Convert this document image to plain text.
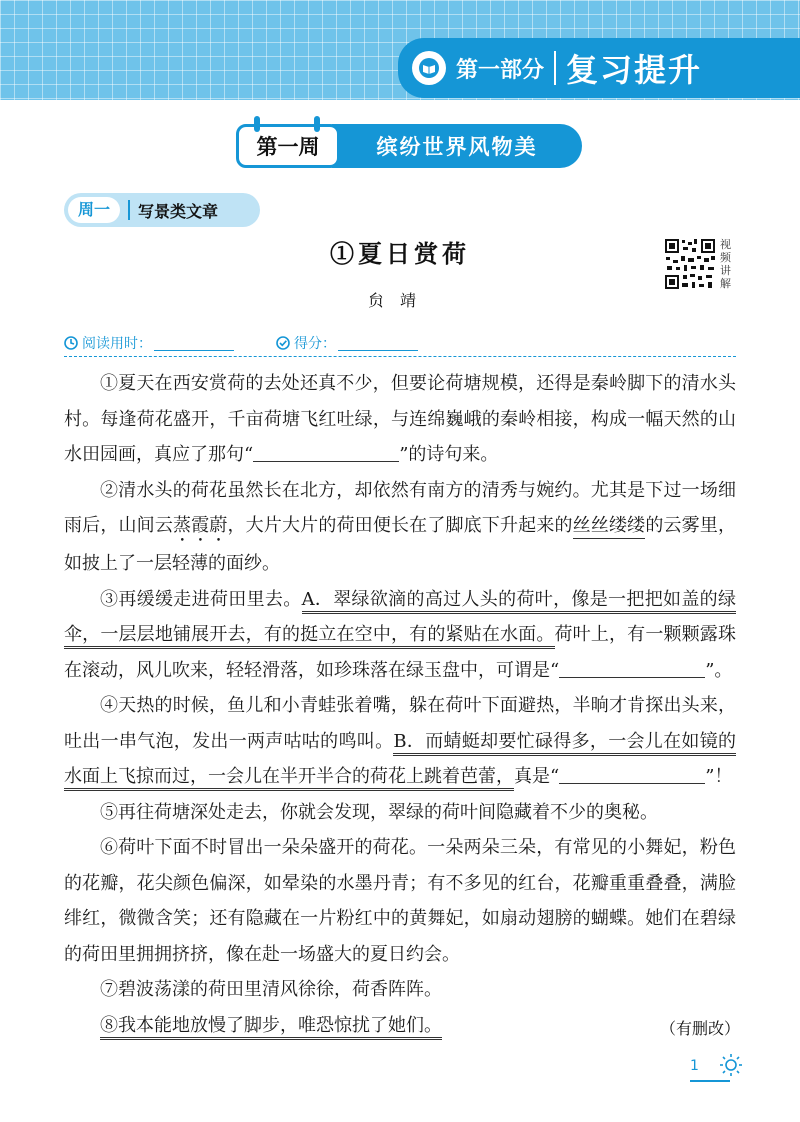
第一部分 复习提升
第一周	缤纷世界风物美
周一	写景类文章
①夏日赏荷
贠靖
视频讲解
阅读用时：	得分：

①夏天在西安赏荷的去处还真不少，但要论荷塘规模，还得是秦岭脚下的清水头村。每逢荷花盛开，千亩荷塘飞红吐绿，与连绵巍峨的秦岭相接，构成一幅天然的山水田园画，真应了那句“	”的诗句来。

②清水头的荷花虽然长在北方，却依然有南方的清秀与婉约。尤其是下过一场细雨后，山间云蒸霞蔚，大片大片的荷田便长在了脚底下升起来的丝丝缕缕的云雾里，如披上了一层轻薄的面纱。

③再缓缓走进荷田里去。A．翠绿欲滴的高过人头的荷叶，像是一把把如盖的绿伞，一层层地铺展开去，有的挺立在空中，有的紧贴在水面。荷叶上，有一颗颗露珠在滚动，风儿吹来，轻轻滑落，如珍珠落在绿玉盘中，可谓是“	”。

④天热的时候，鱼儿和小青蛙张着嘴，躲在荷叶下面避热，半晌才肯探出头来，吐出一串气泡，发出一两声咕咕的鸣叫。B．而蜻蜓却要忙碌得多，一会儿在如镜的水面上飞掠而过，一会儿在半开半合的荷花上跳着芭蕾，真是“	”！

⑤再往荷塘深处走去，你就会发现，翠绿的荷叶间隐藏着不少的奥秘。

⑥荷叶下面不时冒出一朵朵盛开的荷花。一朵两朵三朵，有常见的小舞妃，粉色的花瓣，花尖颜色偏深，如晕染的水墨丹青；有不多见的红台，花瓣重重叠叠，满脸绯红，微微含笑；还有隐藏在一片粉红中的黄舞妃，如扇动翅膀的蝴蝶。她们在碧绿的荷田里拥拥挤挤，像在赴一场盛大的夏日约会。

⑦碧波荡漾的荷田里清风徐徐，荷香阵阵。

⑧我本能地放慢了脚步，唯恐惊扰了她们。	（有删改）
1
